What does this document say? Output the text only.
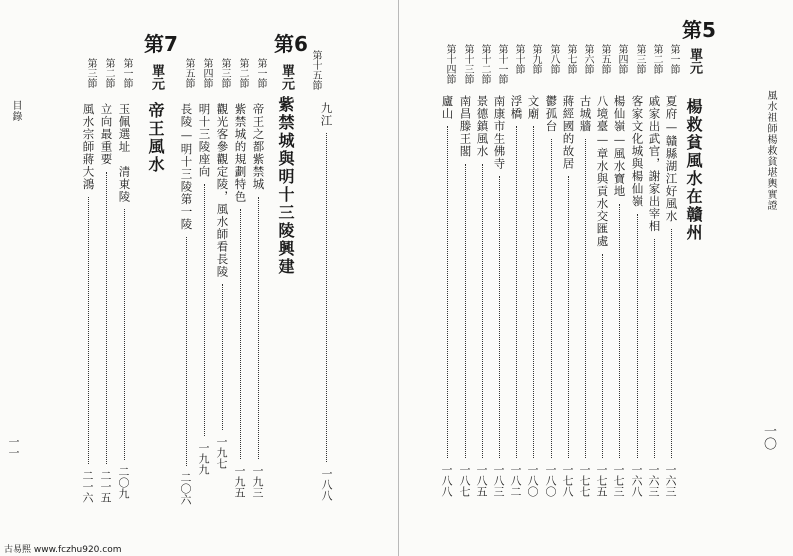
目錄
一一
第十五節
九江
一八八
第6
單元
紫禁城與明十三陵興建
第一節
帝王之都紫禁城
一九三
第二節
紫禁城的規劃特色
一九五
第三節
觀光客參觀定陵，風水師看長陵
一九七
第四節
明十三陵座向
一九九
第五節
長陵—明十三陵第一陵
二〇六
第7
單元
帝王風水
第一節
玉佩選址　清東陵
二〇九
第二節
立向最重要
二一五
第三節
風水宗師蔣大鴻
二一六
古易熙 www.fczhu920.com
風水祖師楊救貧堪輿實證
一〇
第5
單元
楊救貧風水在贛州
第一節
夏府—贛縣湖江好風水
一六三
第二節
戚家出武官，謝家出宰相
一六三
第三節
客家文化城與楊仙嶺
一六八
第四節
楊仙嶺—風水寶地
一七三
第五節
八境臺—章水與貢水交匯處
一七五
第六節
古城牆
一七七
第七節
蔣經國的故居
一七八
第八節
鬱孤台
一八〇
第九節
文廟
一八〇
第十節
浮橋
一八二
第十一節
南康市生佛寺
一八三
第十二節
景德鎮風水
一八五
第十三節
南昌滕王閣
一八七
第十四節
廬山
一八八
